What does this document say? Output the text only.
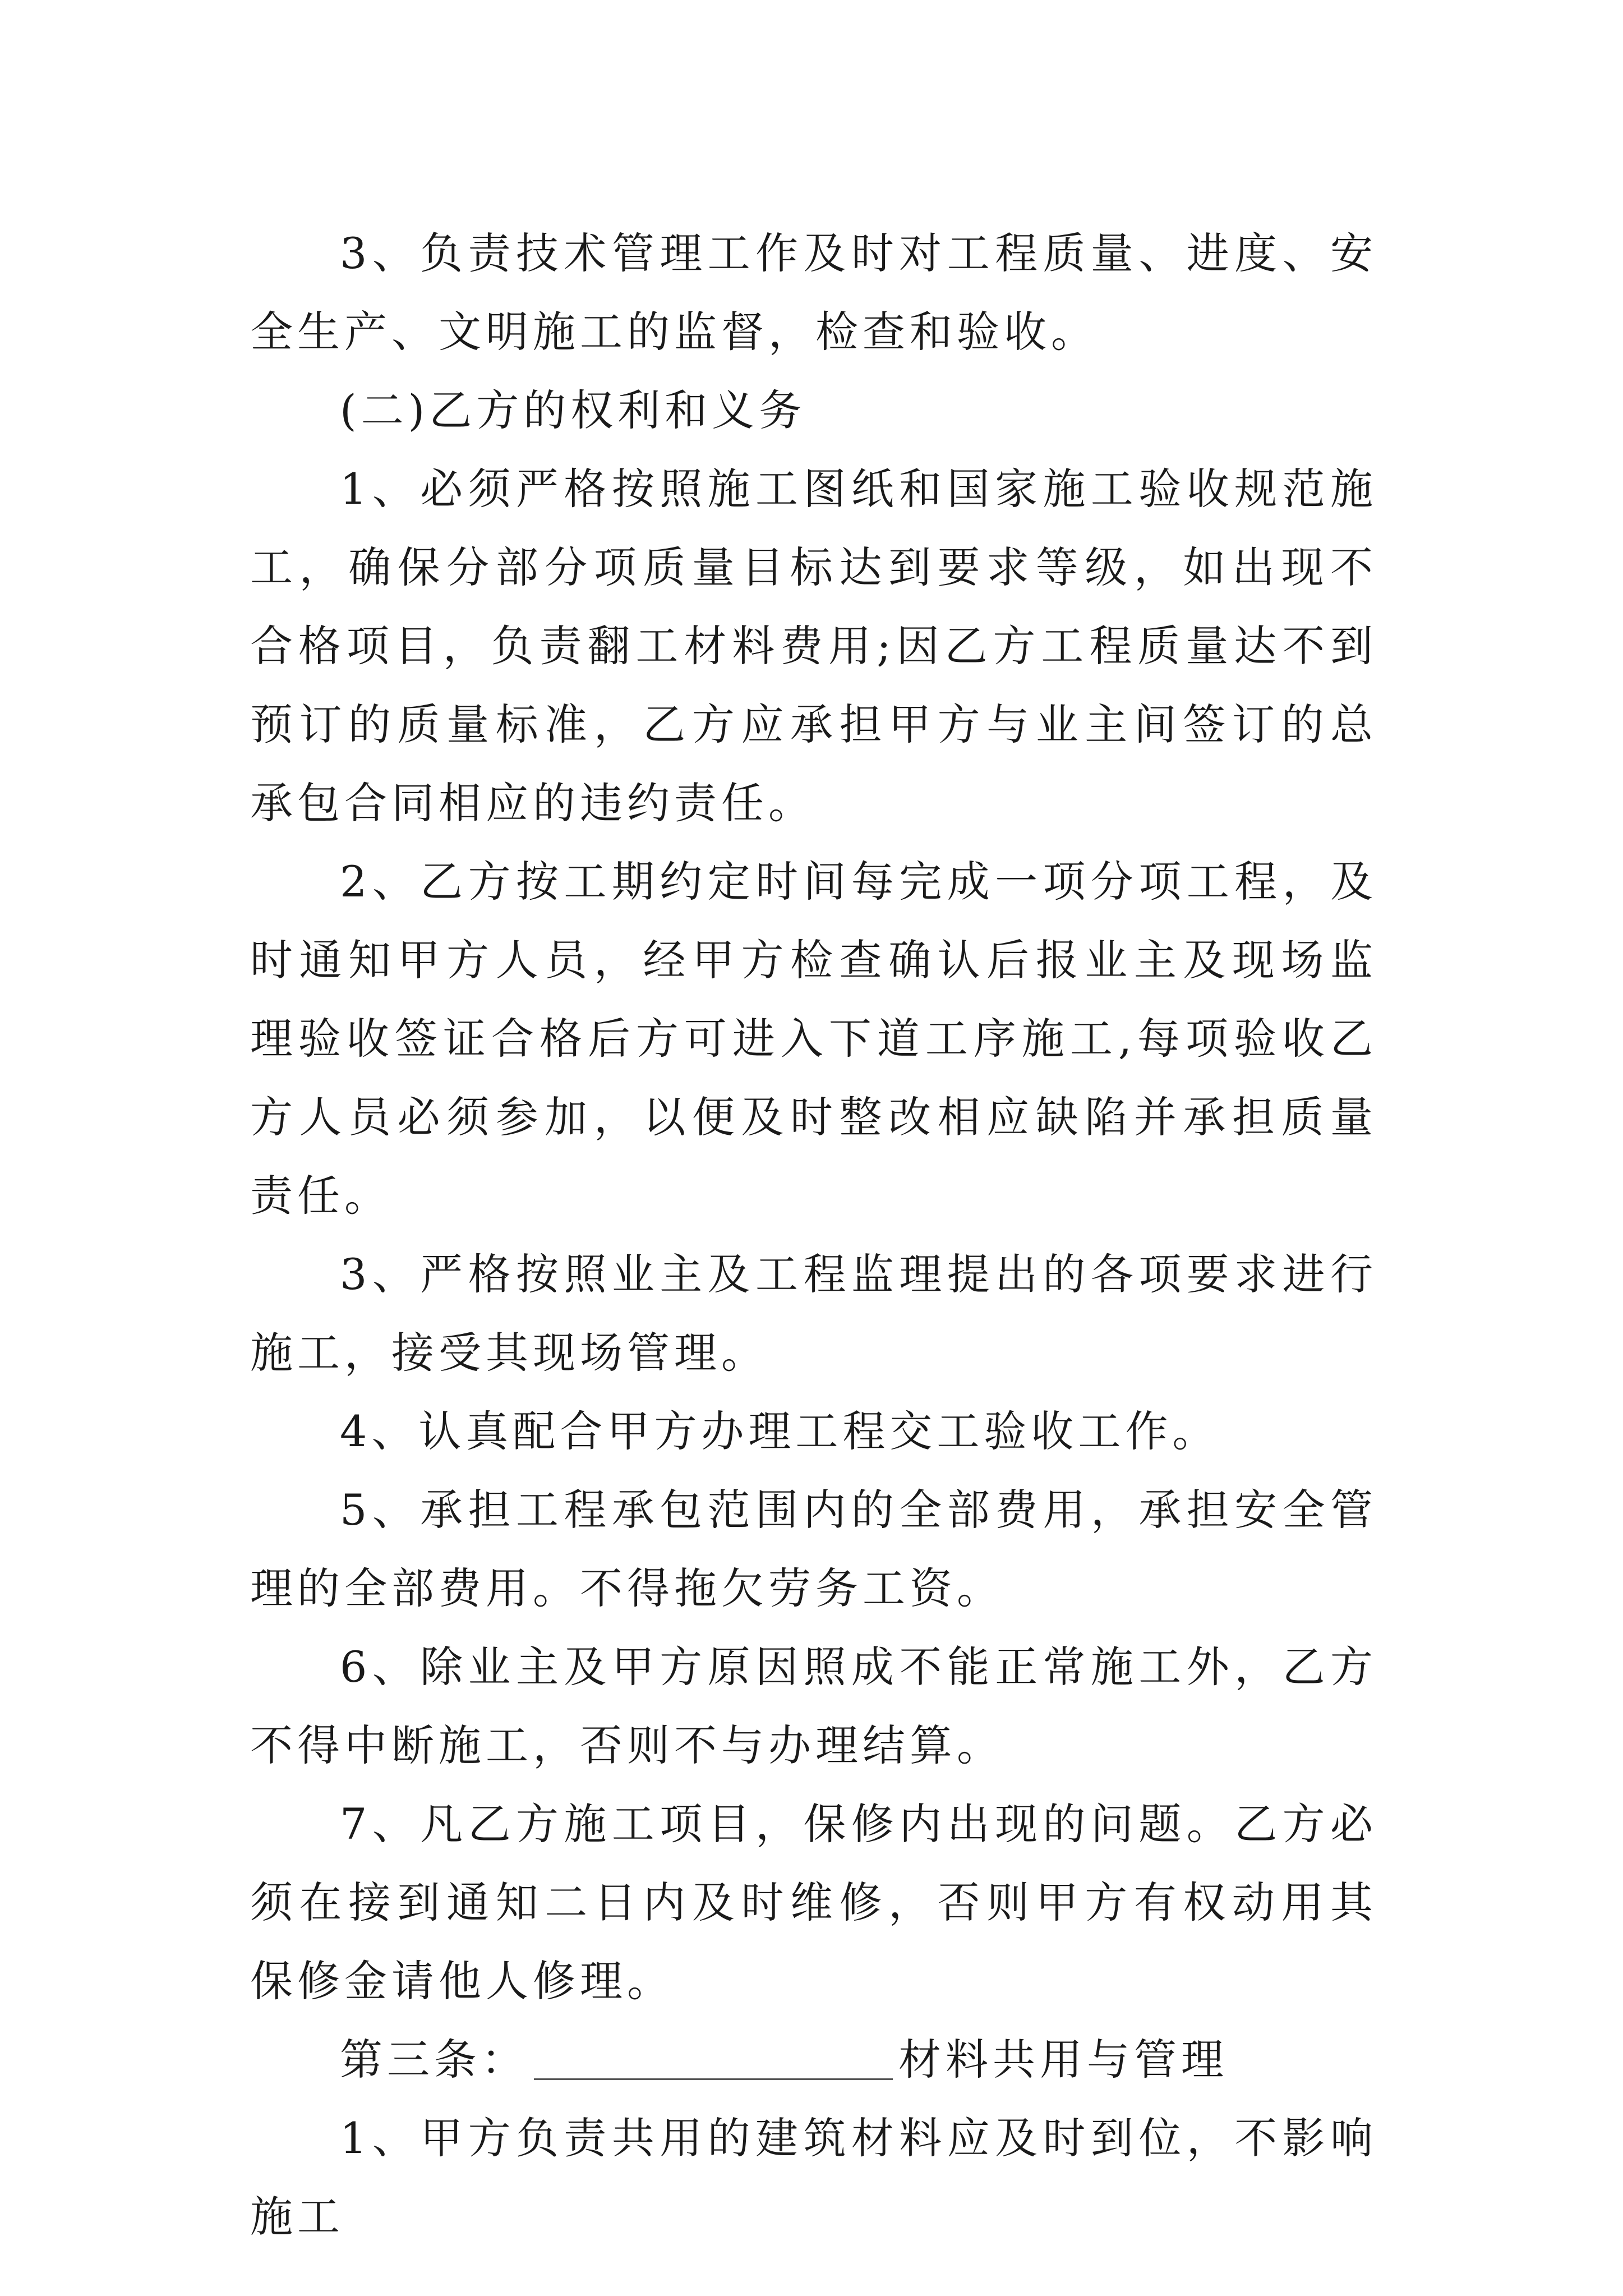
3、负责技术管理工作及时对工程质量、进度、安全生产、文明施工的监督，检查和验收。

(二)乙方的权利和义务

1、必须严格按照施工图纸和国家施工验收规范施工，确保分部分项质量目标达到要求等级，如出现不合格项目，负责翻工材料费用;因乙方工程质量达不到预订的质量标准，乙方应承担甲方与业主间签订的总承包合同相应的违约责任。

2、乙方按工期约定时间每完成一项分项工程，及时通知甲方人员，经甲方检查确认后报业主及现场监理验收签证合格后方可进入下道工序施工,每项验收乙方人员必须参加，以便及时整改相应缺陷并承担质量责任。

3、严格按照业主及工程监理提出的各项要求进行施工，接受其现场管理。

4、认真配合甲方办理工程交工验收工作。

5、承担工程承包范围内的全部费用，承担安全管理的全部费用。不得拖欠劳务工资。

6、除业主及甲方原因照成不能正常施工外，乙方不得中断施工，否则不与办理结算。

7、凡乙方施工项目，保修内出现的问题。乙方必须在接到通知二日内及时维修，否则甲方有权动用其保修金请他人修理。

第三条：	材料共用与管理

1、甲方负责共用的建筑材料应及时到位，不影响施工
